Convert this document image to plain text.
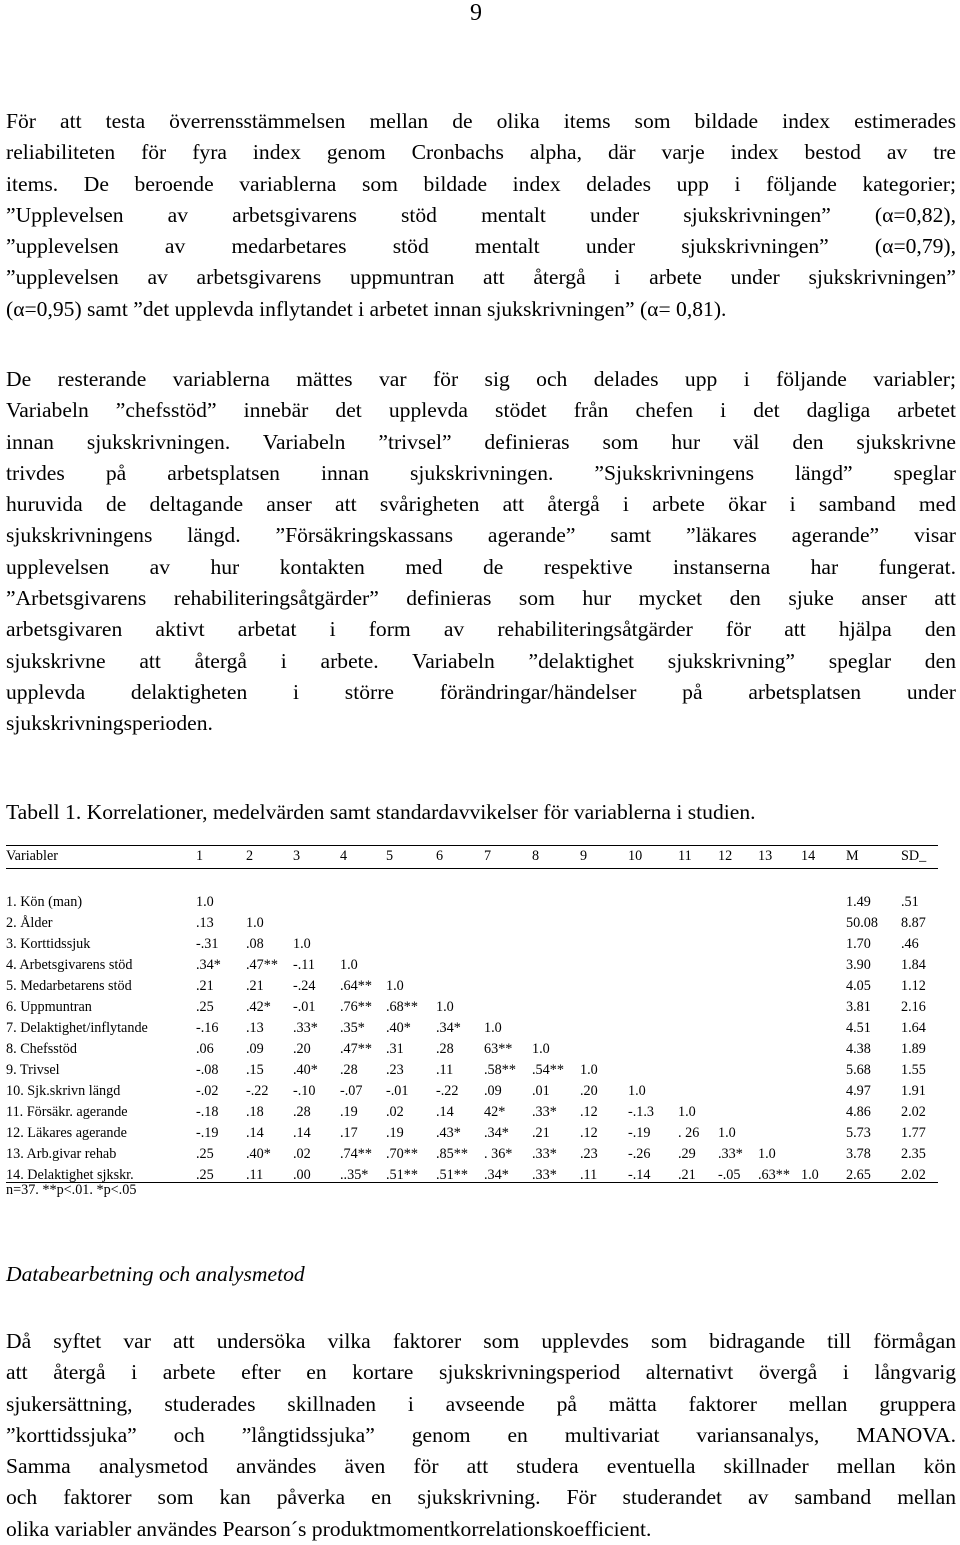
9
För att testa överrensstämmelsen mellan de olika items som bildade index estimerades
reliabiliteten för fyra index genom Cronbachs alpha, där varje index bestod av tre
items. De beroende variablerna som bildade index delades upp i följande kategorier;
”Upplevelsen av arbetsgivarens stöd mentalt under sjukskrivningen” (α=0,82),
”upplevelsen av medarbetares stöd mentalt under sjukskrivningen” (α=0,79),
”upplevelsen av arbetsgivarens uppmuntran att återgå i arbete under sjukskrivningen”
(α=0,95) samt ”det upplevda inflytandet i arbetet innan sjukskrivningen” (α= 0,81).
De resterande variablerna mättes var för sig och delades upp i följande variabler;
Variabeln ”chefsstöd” innebär det upplevda stödet från chefen i det dagliga arbetet
innan sjukskrivningen. Variabeln ”trivsel” definieras som hur väl den sjukskrivne
trivdes på arbetsplatsen innan sjukskrivningen. ”Sjukskrivningens längd” speglar
huruvida de deltagande anser att svårigheten att återgå i arbete ökar i samband med
sjukskrivningens längd. ”Försäkringskassans agerande” samt ”läkares agerande” visar
upplevelsen av hur kontakten med de respektive instanserna har fungerat.
”Arbetsgivarens rehabiliteringsåtgärder” definieras som hur mycket den sjuke anser att
arbetsgivaren aktivt arbetat i form av rehabiliteringsåtgärder för att hjälpa den
sjukskrivne att återgå i arbete. Variabeln ”delaktighet sjukskrivning” speglar den
upplevda delaktigheten i större förändringar/händelser på arbetsplatsen under
sjukskrivningsperioden.

Tabell 1. Korrelationer, medelvärden samt standardavvikelser för variablerna i studien.

Variabler	1	2	3	4	5	6	7	8	9	10	11 12 13 14 M	SD_
1. Kön (man)	1.0	1.49 .51
2. Ålder	.13 1.0	50.08 8.87
3. Korttidssjuk	-.31 .08 1.0	1.70 .46
4. Arbetsgivarens stöd	.34* .47** -.11 1.0	3.90 1.84
5. Medarbetarens stöd	.21 .21 -.24 .64** 1.0	4.05 1.12
6. Uppmuntran	.25 .42* -.01 .76** .68** 1.0	3.81 2.16
7. Delaktighet/inflytande	-.16 .13 .33* .35* .40* .34* 1.0	4.51 1.64
8. Chefsstöd	.06 .09 .20 .47** .31 .28 63** 1.0	4.38 1.89
9. Trivsel	-.08 .15 .40* .28 .23 .11 .58** .54** 1.0	5.68 1.55
10. Sjk.skrivn längd	-.02 -.22 -.10 -.07 -.01 -.22 .09 .01 .20 1.0	4.97 1.91
11. Försäkr. agerande	-.18 .18 .28 .19 .02 .14 42* .33* .12 -.1.3 1.0	4.86 2.02
12. Läkares agerande	-.19 .14 .14 .17 .19 .43* .34* .21 .12 -.19 . 26 1.0	5.73 1.77
13. Arb.givar rehab	.25 .40* .02 .74** .70** .85** . 36* .33* .23 -.26 .29 .33* 1.0	3.78 2.35
14. Delaktighet sjkskr.	.25 .11 .00 ..35* .51** .51** .34* .33* .11 -.14 .21 -.05 .63** 1.0 2.65 2.02
n=37. **p<.01. *p<.05
Databearbetning och analysmetod
Då syftet var att undersöka vilka faktorer som upplevdes som bidragande till förmågan
att återgå i arbete efter en kortare sjukskrivningsperiod alternativt övergå i långvarig
sjukersättning, studerades skillnaden i avseende på mätta faktorer mellan gruppera
”korttidssjuka” och ”långtidssjuka” genom en multivariat variansanalys, MANOVA.
Samma analysmetod användes även för att studera eventuella skillnader mellan kön
och faktorer som kan påverka en sjukskrivning. För studerandet av samband mellan
olika variabler användes Pearson´s produktmomentkorrelationskoefficient.
